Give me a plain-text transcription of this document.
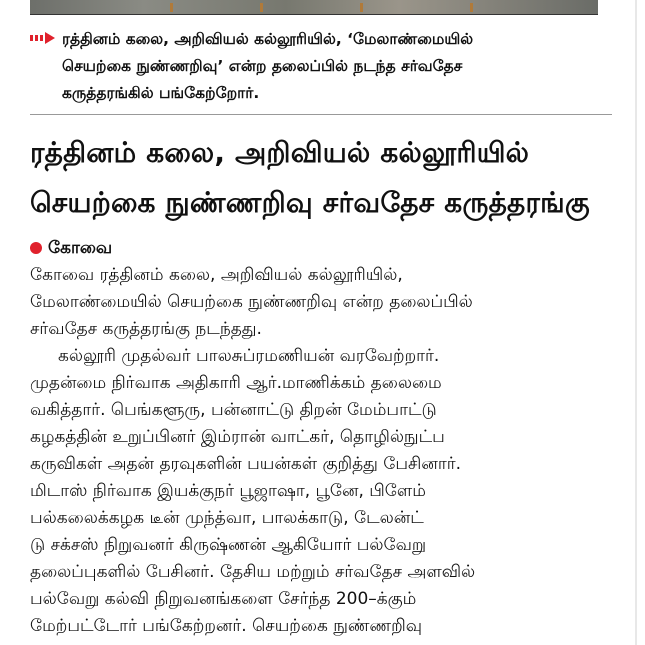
ரத்தினம் கலை, அறிவியல் கல்லூரியில், ‘மேலாண்மையில்
செயற்கை நுண்ணறிவு’ என்ற தலைப்பில் நடந்த சர்வதேச
கருத்தரங்கில் பங்கேற்றோர்.
ரத்தினம் கலை, அறிவியல் கல்லூரியில்
செயற்கை நுண்ணறிவு சர்வதேச கருத்தரங்கு
கோவை
கோவை ரத்தினம் கலை, அறிவியல் கல்லூரியில்,
மேலாண்மையில் செயற்கை நுண்ணறிவு என்ற தலைப்பில்
சர்வதேச கருத்தரங்கு நடந்தது.
கல்லூரி முதல்வர் பாலசுப்ரமணியன் வரவேற்றார்.
முதன்மை நிர்வாக அதிகாரி ஆர்.மாணிக்கம் தலைமை
வகித்தார். பெங்களூரு, பன்னாட்டு திறன் மேம்பாட்டு
கழகத்தின் உறுப்பினர் இம்ரான் வாட்கர், தொழில்நுட்ப
கருவிகள் அதன் தரவுகளின் பயன்கள் குறித்து பேசினார்.
மிடாஸ் நிர்வாக இயக்குநர் பூஜாஷா, பூனே, பிளேம்
பல்கலைக்கழக டீன் முந்த்வா, பாலக்காடு, டேலன்ட்
டு சக்சஸ் நிறுவனர் கிருஷ்ணன் ஆகியோர் பல்வேறு
தலைப்புகளில் பேசினர். தேசிய மற்றும் சர்வதேச அளவில்
பல்வேறு கல்வி நிறுவனங்களை சேர்ந்த 200–க்கும்
மேற்பட்டோர் பங்கேற்றனர். செயற்கை நுண்ணறிவு
